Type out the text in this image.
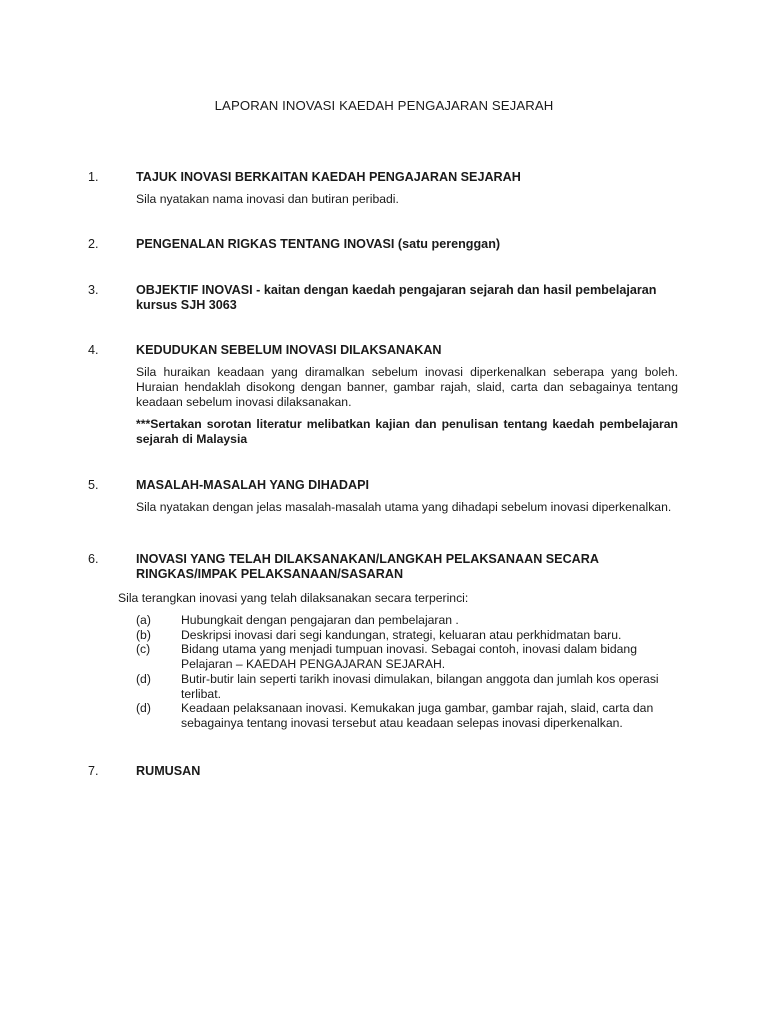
LAPORAN INOVASI KAEDAH PENGAJARAN SEJARAH
1.	TAJUK INOVASI BERKAITAN KAEDAH PENGAJARAN SEJARAH
Sila nyatakan nama inovasi dan butiran peribadi.
2.	PENGENALAN RIGKAS TENTANG INOVASI (satu perenggan)
3.	OBJEKTIF INOVASI - kaitan dengan kaedah pengajaran sejarah dan hasil pembelajaran kursus SJH 3063
4.	KEDUDUKAN SEBELUM INOVASI DILAKSANAKAN
Sila huraikan keadaan yang diramalkan sebelum inovasi diperkenalkan seberapa yang boleh. Huraian hendaklah disokong dengan banner, gambar rajah, slaid, carta dan sebagainya tentang keadaan sebelum inovasi dilaksanakan.
***Sertakan sorotan literatur melibatkan kajian dan penulisan tentang kaedah pembelajaran sejarah di Malaysia
5.	MASALAH-MASALAH YANG DIHADAPI
Sila nyatakan dengan jelas masalah-masalah utama yang dihadapi sebelum inovasi diperkenalkan.
6.	INOVASI YANG TELAH DILAKSANAKAN/LANGKAH PELAKSANAAN SECARA RINGKAS/IMPAK PELAKSANAAN/SASARAN
Sila terangkan inovasi yang telah dilaksanakan secara terperinci:
(a) Hubungkait dengan pengajaran dan pembelajaran .
(b) Deskripsi inovasi dari segi kandungan, strategi, keluaran atau perkhidmatan baru.
(c)	Bidang utama yang menjadi tumpuan inovasi. Sebagai contoh, inovasi dalam bidang
Pelajaran – KAEDAH PENGAJARAN SEJARAH.
(d) Butir-butir lain seperti tarikh inovasi dimulakan, bilangan anggota dan jumlah kos operasi terlibat.
(d) Keadaan pelaksanaan inovasi. Kemukakan juga gambar, gambar rajah, slaid, carta dan sebagainya tentang inovasi tersebut atau keadaan selepas inovasi diperkenalkan.
7.	RUMUSAN
